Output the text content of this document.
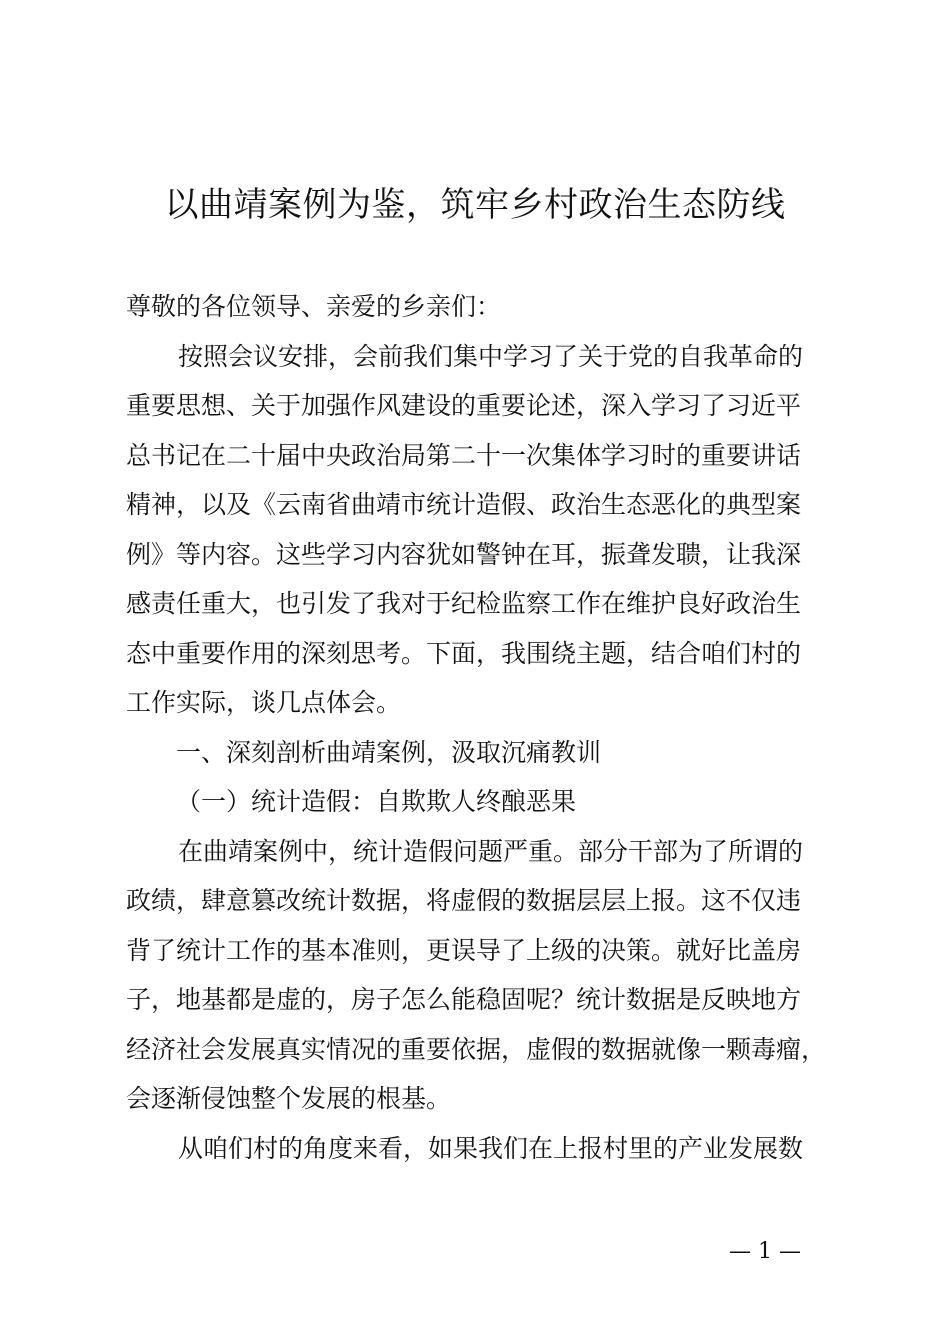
以曲靖案例为鉴，筑牢乡村政治生态防线
尊敬的各位领导、亲爱的乡亲们：
按照会议安排，会前我们集中学习了关于党的自我革命的
重要思想、关于加强作风建设的重要论述，深入学习了习近平
总书记在二十届中央政治局第二十一次集体学习时的重要讲话
精神，以及《云南省曲靖市统计造假、政治生态恶化的典型案
例》等内容。这些学习内容犹如警钟在耳，振聋发聩，让我深
感责任重大，也引发了我对于纪检监察工作在维护良好政治生
态中重要作用的深刻思考。下面，我围绕主题，结合咱们村的
工作实际，谈几点体会。
一、深刻剖析曲靖案例，汲取沉痛教训
（一）统计造假：自欺欺人终酿恶果
在曲靖案例中，统计造假问题严重。部分干部为了所谓的
政绩，肆意篡改统计数据，将虚假的数据层层上报。这不仅违
背了统计工作的基本准则，更误导了上级的决策。就好比盖房
子，地基都是虚的，房子怎么能稳固呢？统计数据是反映地方
经济社会发展真实情况的重要依据，虚假的数据就像一颗毒瘤，
会逐渐侵蚀整个发展的根基。
从咱们村的角度来看，如果我们在上报村里的产业发展数
— 1 —
